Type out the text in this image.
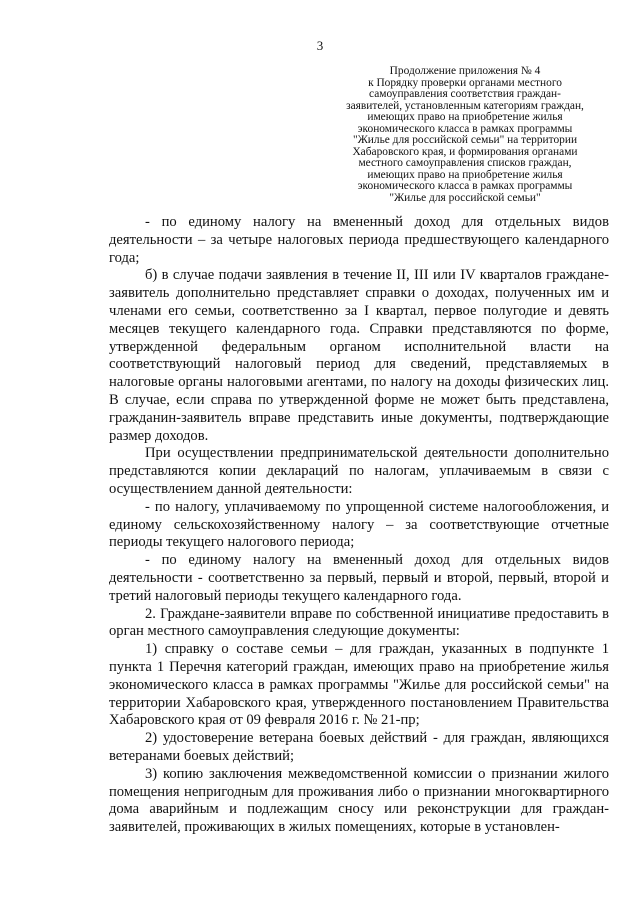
3
Продолжение приложения № 4
к Порядку проверки органами местного
самоуправления соответствия граждан-
заявителей, установленным категориям граждан,
имеющих право на приобретение жилья
экономического класса в рамках программы
"Жилье для российской семьи" на территории
Хабаровского края, и формирования органами
местного самоуправления списков граждан,
имеющих право на приобретение жилья
экономического класса в рамках программы
"Жилье для российской семьи"

- по единому налогу на вмененный доход для отдельных видов деятельности – за четыре налоговых периода предшествующего календарного года;

б) в случае подачи заявления в течение II, III или IV кварталов граждане-заявитель дополнительно представляет справки о доходах, полученных им и членами его семьи, соответственно за I квартал, первое полугодие и девять месяцев текущего календарного года. Справки представляются по форме, утвержденной федеральным органом исполнительной власти на соответствующий налоговый период для сведений, представляемых в налоговые органы налоговыми агентами, по налогу на доходы физических лиц. В случае, если справа по утвержденной форме не может быть представлена, гражданин-заявитель вправе представить иные документы, подтверждающие размер доходов.

При осуществлении предпринимательской деятельности дополнительно представляются копии деклараций по налогам, уплачиваемым в связи с осуществлением данной деятельности:

- по налогу, уплачиваемому по упрощенной системе налогообложения, и единому сельскохозяйственному налогу – за соответствующие отчетные периоды текущего налогового периода;

- по единому налогу на вмененный доход для отдельных видов деятельности - соответственно за первый, первый и второй, первый, второй и третий налоговый периоды текущего календарного года.

2. Граждане-заявители вправе по собственной инициативе предоставить в орган местного самоуправления следующие документы:

1) справку о составе семьи – для граждан, указанных в подпункте 1 пункта 1 Перечня категорий граждан, имеющих право на приобретение жилья экономического класса в рамках программы "Жилье для российской семьи" на территории Хабаровского края, утвержденного постановлением Правительства Хабаровского края от 09 февраля 2016 г. № 21-пр;

2) удостоверение ветерана боевых действий - для граждан, являющихся ветеранами боевых действий;

3) копию заключения межведомственной комиссии о признании жилого помещения непригодным для проживания либо о признании многоквартирного дома аварийным и подлежащим сносу или реконструкции для граждан-заявителей, проживающих в жилых помещениях, которые в установлен-
